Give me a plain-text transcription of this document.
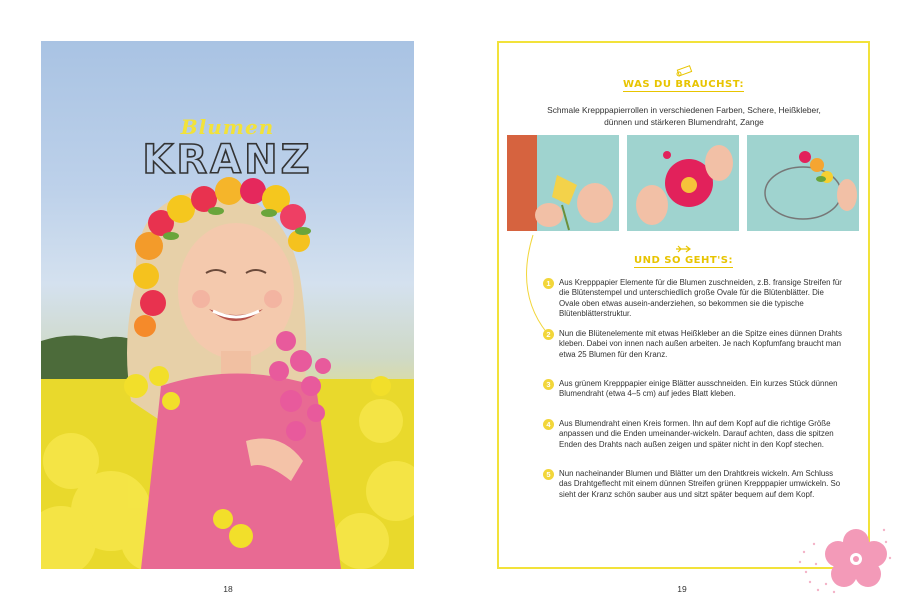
Blumen
KRANZ
18
WAS DU BRAUCHST:
Schmale Krepppapierrollen in verschiedenen Farben, Schere, Heißkleber, dünnen und stärkeren Blumendraht, Zange
UND SO GEHT'S:
1	Aus Krepppapier Elemente für die Blumen zuschneiden, z.B. fransige Streifen für die Blütenstempel und unterschiedlich große Ovale für die Blütenblätter. Die Ovale oben etwas ausein-anderziehen, so bekommen sie die typische Blütenblätterstruktur.
2	Nun die Blütenelemente mit etwas Heißkleber an die Spitze eines dünnen Drahts kleben. Dabei von innen nach außen arbeiten. Je nach Kopfumfang braucht man etwa 25 Blumen für den Kranz.
3	Aus grünem Krepppapier einige Blätter ausschneiden. Ein kurzes Stück dünnen Blumendraht (etwa 4–5 cm) auf jedes Blatt kleben.
4	Aus Blumendraht einen Kreis formen. Ihn auf dem Kopf auf die richtige Größe anpassen und die Enden umeinander-wickeln. Darauf achten, dass die spitzen Enden des Drahts nach außen zeigen und später nicht in den Kopf stechen.
5	Nun nacheinander Blumen und Blätter um den Drahtkreis wickeln. Am Schluss das Drahtgeflecht mit einem dünnen Streifen grünen Krepppapier umwickeln. So sieht der Kranz schön sauber aus und sitzt später bequem auf dem Kopf.
19
